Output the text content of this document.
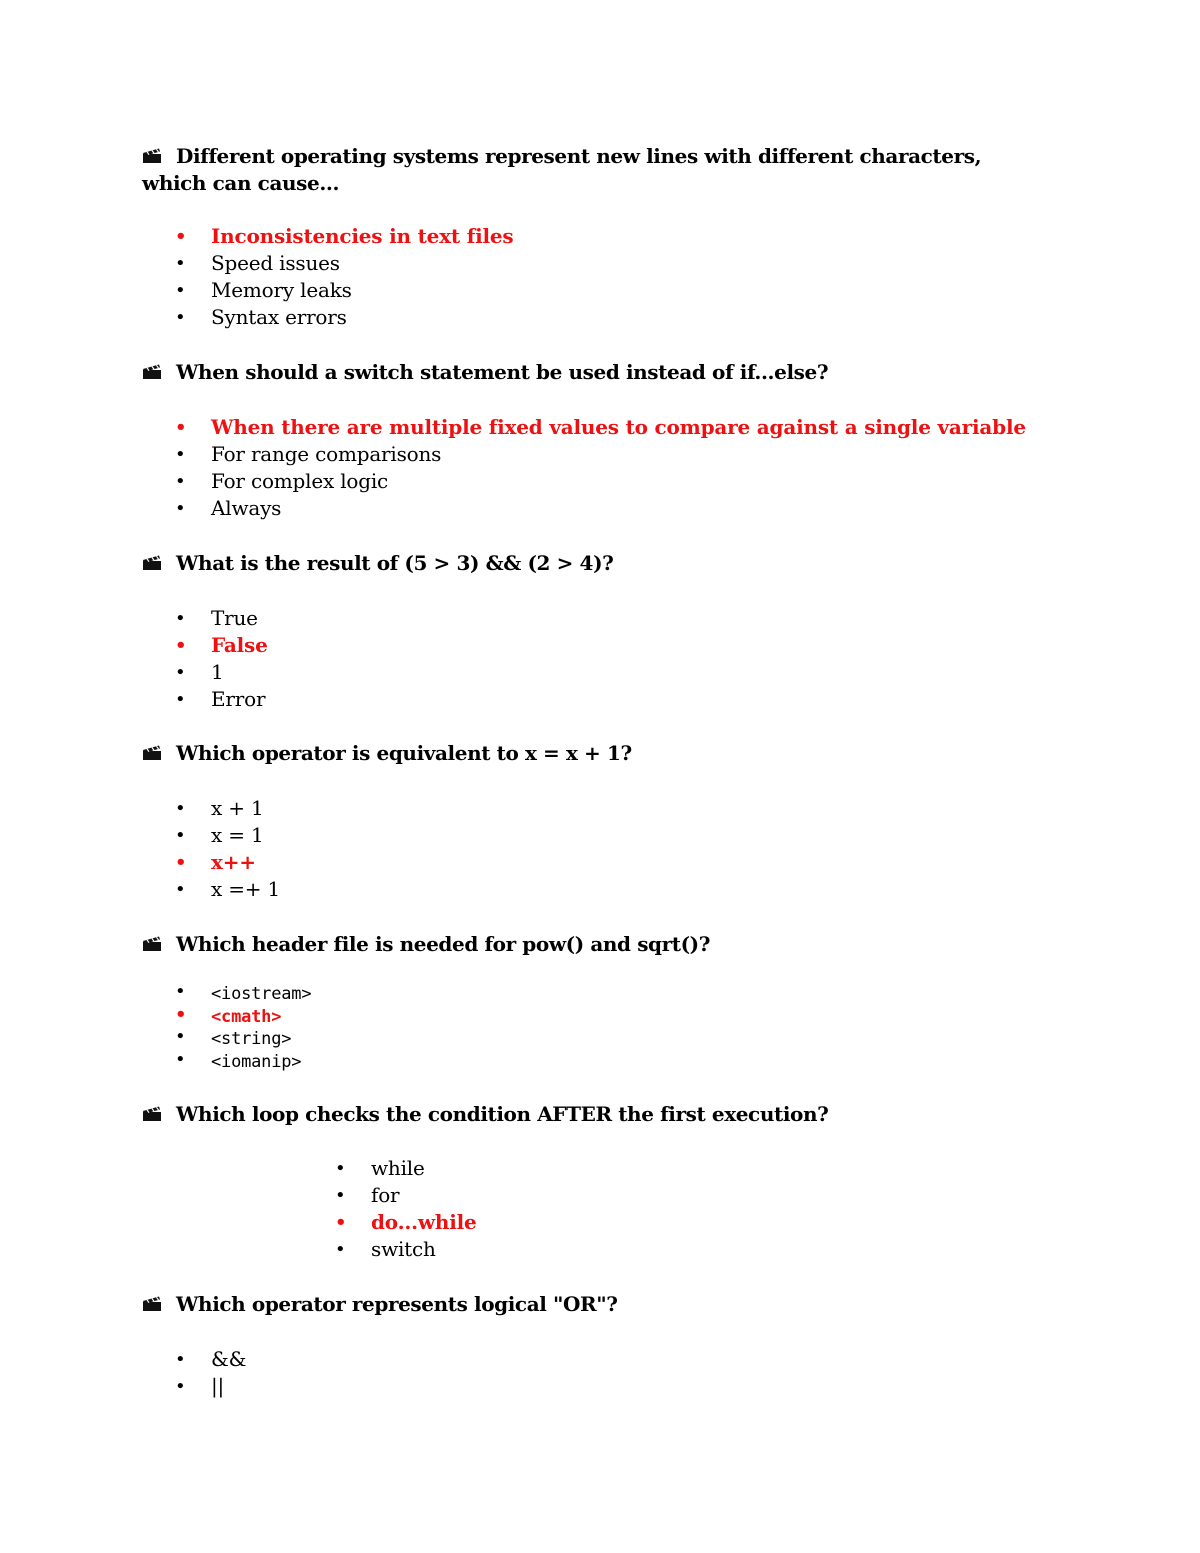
Different operating systems represent new lines with different characters, which can cause...
• Inconsistencies in text files
• Speed issues
• Memory leaks
• Syntax errors
When should a switch statement be used instead of if...else?
• When there are multiple fixed values to compare against a single variable
• For range comparisons
• For complex logic
• Always
What is the result of (5 > 3) && (2 > 4)?
• True
• False
• 1
• Error
Which operator is equivalent to x = x + 1?
• x + 1
• x = 1
• x++
• x =+ 1
Which header file is needed for pow() and sqrt()?
• <iostream>
• <cmath>
• <string>
• <iomanip>
Which loop checks the condition AFTER the first execution?
• while
• for
• do...while
• switch
Which operator represents logical "OR"?
• &&
• ||
